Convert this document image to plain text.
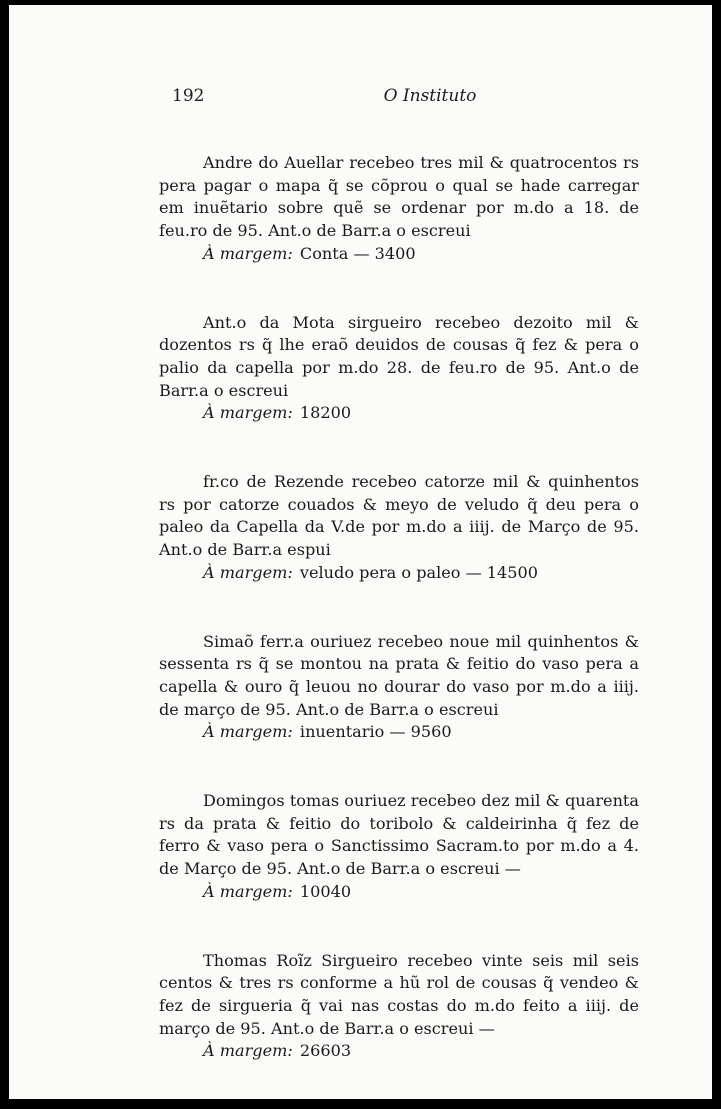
192	O Instituto

Andre do Auellar recebeo tres mil & quatrocentos rs pera pagar o mapa q̃ se cõprou o qual se hade carregar em inuẽtario sobre quẽ se ordenar por m.do a 18. de feu.ro de 95. Ant.o de Barr.a o escreui

À margem: Conta — 3400

Ant.o da Mota sirgueiro recebeo dezoito mil & dozentos rs q̃ lhe eraõ deuidos de cousas q̃ fez & pera o palio da capella por m.do 28. de feu.ro de 95. Ant.o de Barr.a o escreui

À margem: 18200

fr.co de Rezende recebeo catorze mil & quinhentos rs por catorze couados & meyo de veludo q̃ deu pera o paleo da Capella da V.de por m.do a iiij. de Março de 95. Ant.o de Barr.a espui

À margem: veludo pera o paleo — 14500

Simaõ ferr.a ouriuez recebeo noue mil quinhentos & sessenta rs q̃ se montou na prata & feitio do vaso pera a capella & ouro q̃ leuou no dourar do vaso por m.do a iiij. de março de 95. Ant.o de Barr.a o escreui

À margem: inuentario — 9560

Domingos tomas ouriuez recebeo dez mil & quarenta rs da prata & feitio do toribolo & caldeirinha q̃ fez de ferro & vaso pera o Sanctissimo Sacram.to por m.do a 4. de Março de 95. Ant.o de Barr.a o escreui —

À margem: 10040

Thomas Roĩz Sirgueiro recebeo vinte seis mil seis centos & tres rs conforme a hũ rol de cousas q̃ vendeo & fez de sirgueria q̃ vai nas costas do m.do feito a iiij. de março de 95. Ant.o de Barr.a o escreui —

À margem: 26603
